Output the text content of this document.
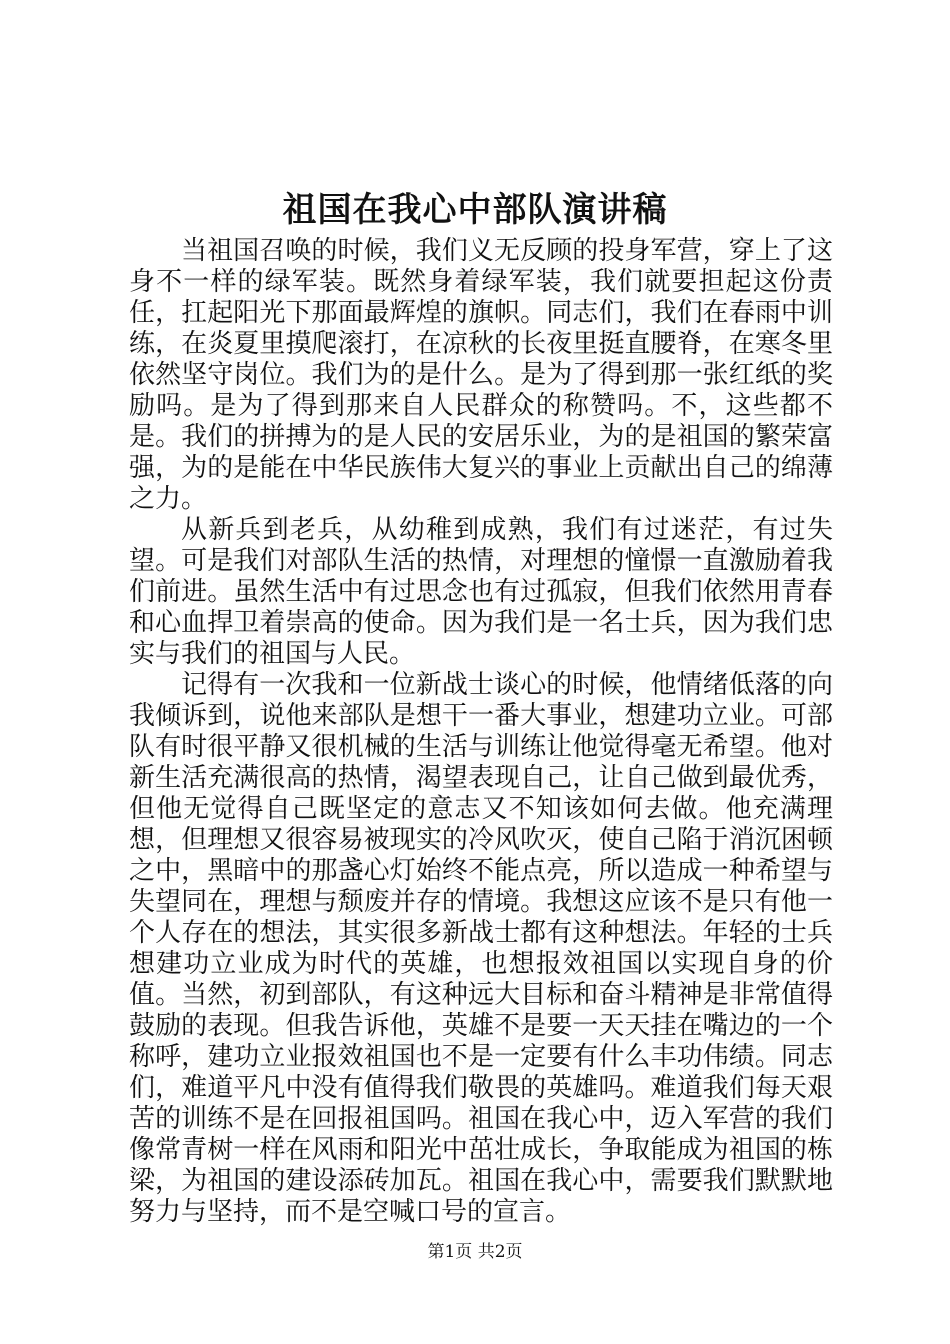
祖国在我心中部队演讲稿

当祖国召唤的时候，我们义无反顾的投身军营，穿上了这身不一样的绿军装。既然身着绿军装，我们就要担起这份责任，扛起阳光下那面最辉煌的旗帜。同志们，我们在春雨中训练，在炎夏里摸爬滚打，在凉秋的长夜里挺直腰脊，在寒冬里依然坚守岗位。我们为的是什么。是为了得到那一张红纸的奖励吗。是为了得到那来自人民群众的称赞吗。不，这些都不是。我们的拼搏为的是人民的安居乐业，为的是祖国的繁荣富强，为的是能在中华民族伟大复兴的事业上贡献出自己的绵薄之力。

从新兵到老兵，从幼稚到成熟，我们有过迷茫，有过失望。可是我们对部队生活的热情，对理想的憧憬一直激励着我们前进。虽然生活中有过思念也有过孤寂，但我们依然用青春和心血捍卫着崇高的使命。因为我们是一名士兵，因为我们忠实与我们的祖国与人民。

记得有一次我和一位新战士谈心的时候，他情绪低落的向我倾诉到，说他来部队是想干一番大事业，想建功立业。可部队有时很平静又很机械的生活与训练让他觉得毫无希望。他对新生活充满很高的热情，渴望表现自己，让自己做到最优秀，但他无觉得自己既坚定的意志又不知该如何去做。他充满理想，但理想又很容易被现实的冷风吹灭，使自己陷于消沉困顿之中，黑暗中的那盏心灯始终不能点亮，所以造成一种希望与失望同在，理想与颓废并存的情境。我想这应该不是只有他一个人存在的想法，其实很多新战士都有这种想法。年轻的士兵想建功立业成为时代的英雄，也想报效祖国以实现自身的价值。当然，初到部队，有这种远大目标和奋斗精神是非常值得鼓励的表现。但我告诉他，英雄不是要一天天挂在嘴边的一个称呼，建功立业报效祖国也不是一定要有什么丰功伟绩。同志们，难道平凡中没有值得我们敬畏的英雄吗。难道我们每天艰苦的训练不是在回报祖国吗。祖国在我心中，迈入军营的我们像常青树一样在风雨和阳光中茁壮成长，争取能成为祖国的栋梁，为祖国的建设添砖加瓦。祖国在我心中，需要我们默默地努力与坚持，而不是空喊口号的宣言。

第1页 共2页
